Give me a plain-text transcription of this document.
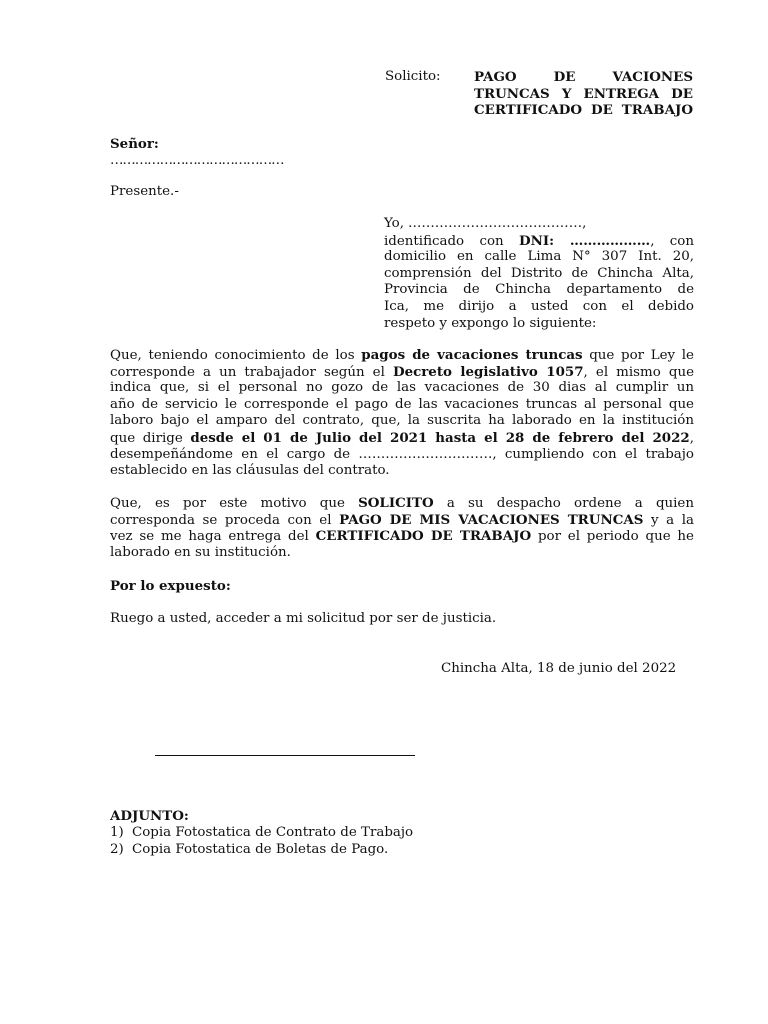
Solicito: PAGO DE VACIONES
TRUNCAS Y ENTREGA DE
CERTIFICADO DE TRABAJO
Señor:
……………………………………
Presente.-
Yo, …………………………………,
identificado con DNI: ………………, con
domicilio en calle Lima N° 307 Int. 20,
comprensión del Distrito de Chincha Alta,
Provincia de Chincha departamento de
Ica, me dirijo a usted con el debido
respeto y expongo lo siguiente:
Que, teniendo conocimiento de los pagos de vacaciones truncas que por Ley le
corresponde a un trabajador según el Decreto legislativo 1057, el mismo que
indica que, si el personal no gozo de las vacaciones de 30 dias al cumplir un
año de servicio le corresponde el pago de las vacaciones truncas al personal que
laboro bajo el amparo del contrato, que, la suscrita ha laborado en la institución
que dirige desde el 01 de Julio del 2021 hasta el 28 de febrero del 2022,
desempeñándome en el cargo de …………………………, cumpliendo con el trabajo
establecido en las cláusulas del contrato.
Que, es por este motivo que SOLICITO a su despacho ordene a quien
corresponda se proceda con el PAGO DE MIS VACACIONES TRUNCAS y a la
vez se me haga entrega del CERTIFICADO DE TRABAJO por el periodo que he
laborado en su institución.
Por lo expuesto:
Ruego a usted, acceder a mi solicitud por ser de justicia.
Chincha Alta, 18 de junio del 2022
ADJUNTO:
1) Copia Fotostatica de Contrato de Trabajo
2) Copia Fotostatica de Boletas de Pago.
